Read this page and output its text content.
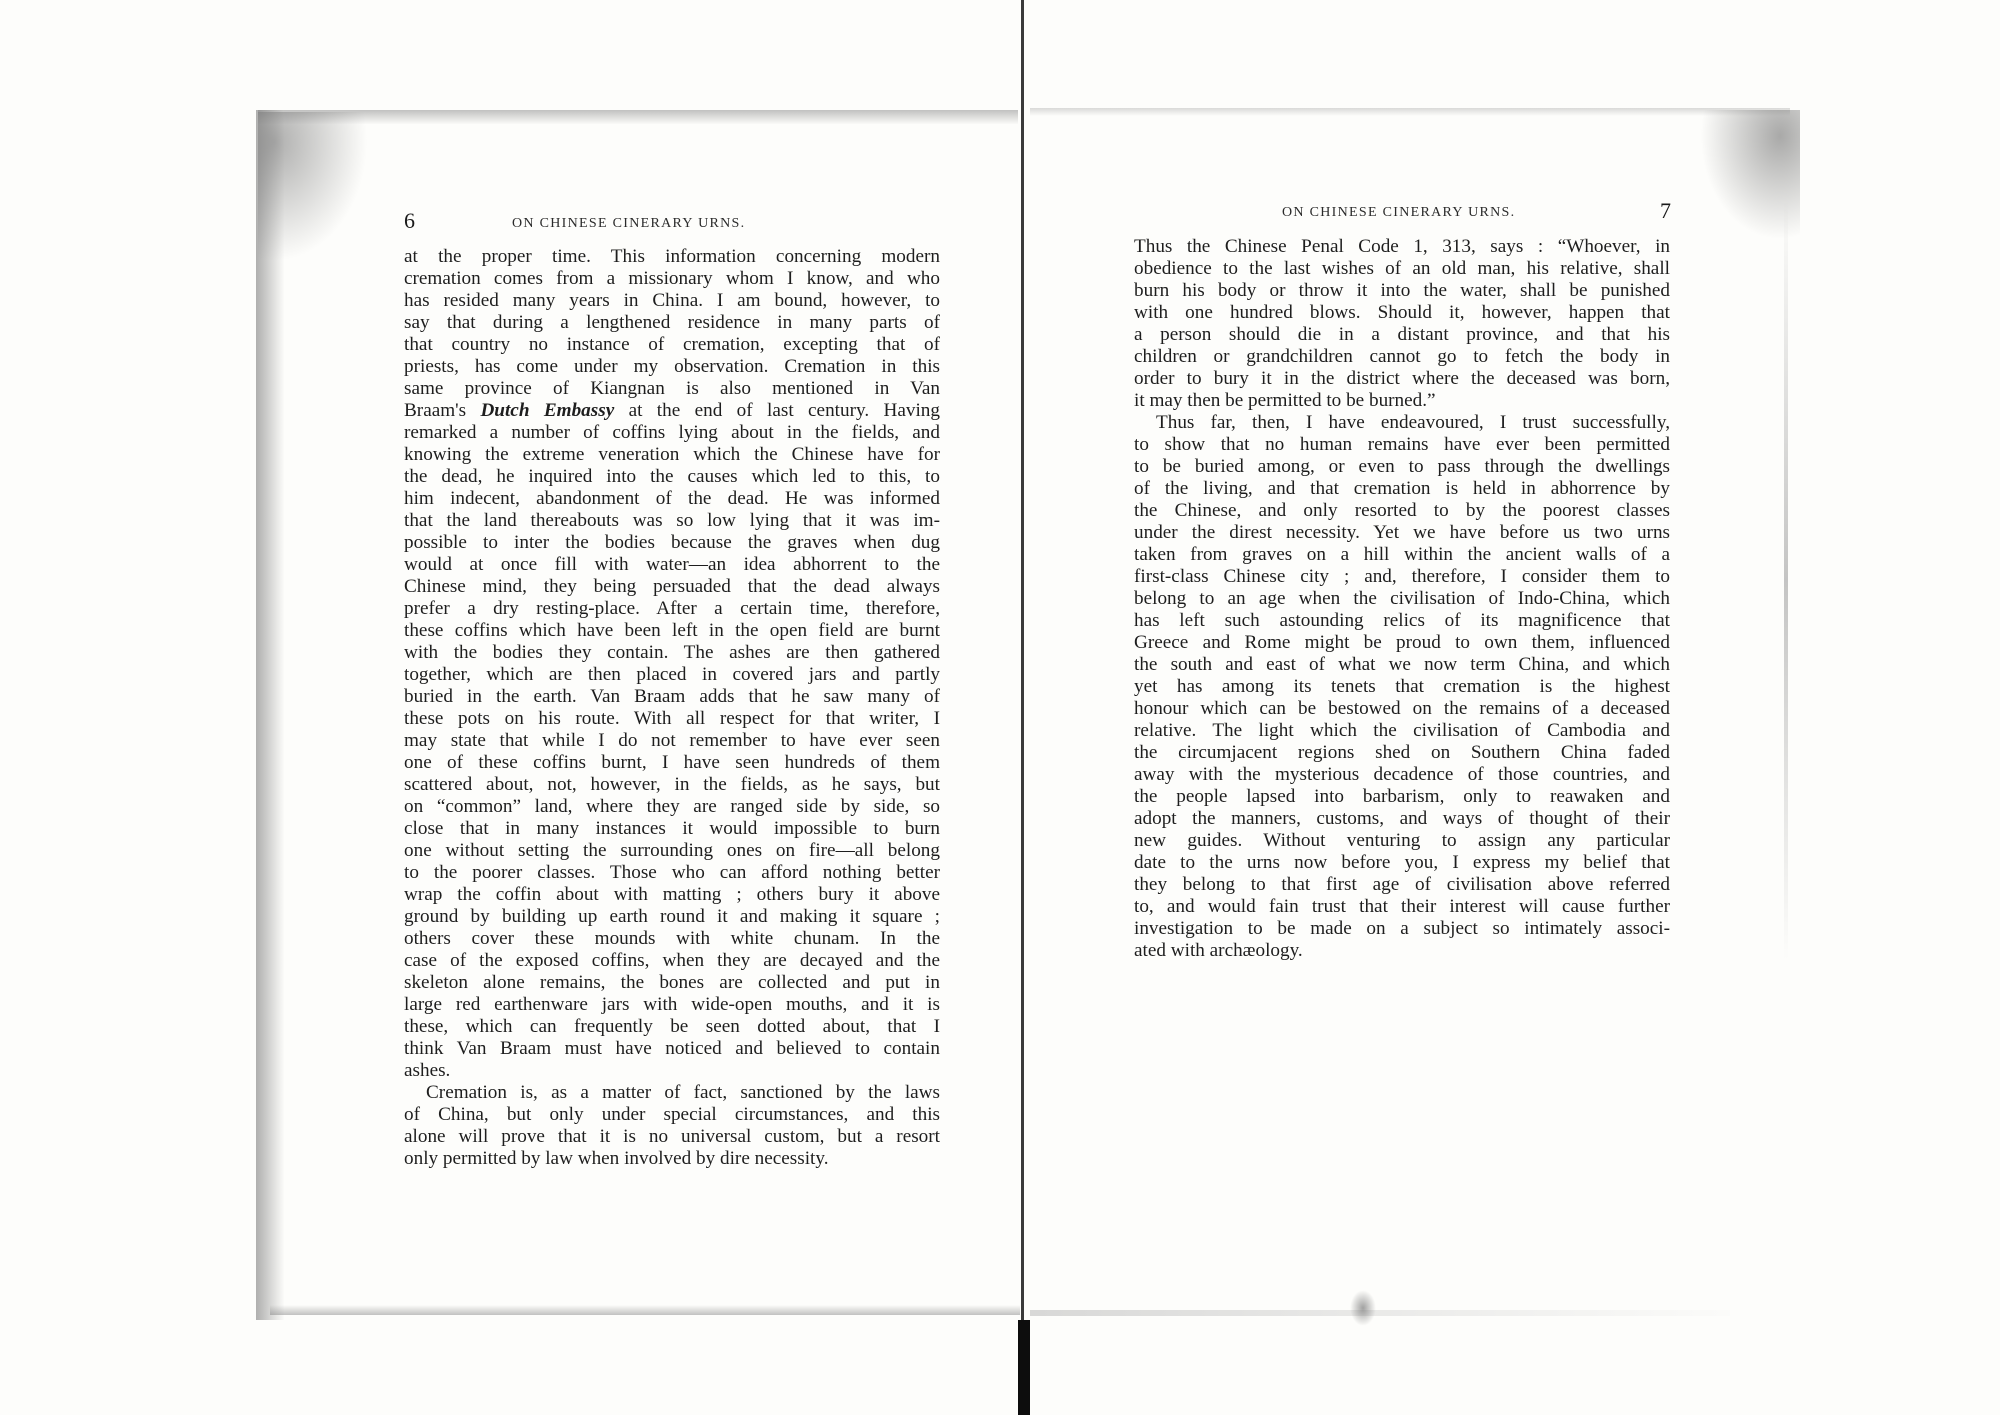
6	ON CHINESE CINERARY URNS.
at the proper time. This information concerning modern
cremation comes from a missionary whom I know, and who
has resided many years in China. I am bound, however, to
say that during a lengthened residence in many parts of
that country no instance of cremation, excepting that of
priests, has come under my observation. Cremation in this
same province of Kiangnan is also mentioned in Van
Braam's Dutch Embassy at the end of last century. Having
remarked a number of coffins lying about in the fields, and
knowing the extreme veneration which the Chinese have for
the dead, he inquired into the causes which led to this, to
him indecent, abandonment of the dead. He was informed
that the land thereabouts was so low lying that it was im-
possible to inter the bodies because the graves when dug
would at once fill with water—an idea abhorrent to the
Chinese mind, they being persuaded that the dead always
prefer a dry resting-place. After a certain time, therefore,
these coffins which have been left in the open field are burnt
with the bodies they contain. The ashes are then gathered
together, which are then placed in covered jars and partly
buried in the earth. Van Braam adds that he saw many of
these pots on his route. With all respect for that writer, I
may state that while I do not remember to have ever seen
one of these coffins burnt, I have seen hundreds of them
scattered about, not, however, in the fields, as he says, but
on “common” land, where they are ranged side by side, so
close that in many instances it would impossible to burn
one without setting the surrounding ones on fire—all belong
to the poorer classes. Those who can afford nothing better
wrap the coffin about with matting ; others bury it above
ground by building up earth round it and making it square ;
others cover these mounds with white chunam. In the
case of the exposed coffins, when they are decayed and the
skeleton alone remains, the bones are collected and put in
large red earthenware jars with wide-open mouths, and it is
these, which can frequently be seen dotted about, that I
think Van Braam must have noticed and believed to contain
ashes.
Cremation is, as a matter of fact, sanctioned by the laws
of China, but only under special circumstances, and this
alone will prove that it is no universal custom, but a resort
only permitted by law when involved by dire necessity.
ON CHINESE CINERARY URNS.	7
Thus the Chinese Penal Code 1, 313, says : “Whoever, in
obedience to the last wishes of an old man, his relative, shall
burn his body or throw it into the water, shall be punished
with one hundred blows. Should it, however, happen that
a person should die in a distant province, and that his
children or grandchildren cannot go to fetch the body in
order to bury it in the district where the deceased was born,
it may then be permitted to be burned.”
Thus far, then, I have endeavoured, I trust successfully,
to show that no human remains have ever been permitted
to be buried among, or even to pass through the dwellings
of the living, and that cremation is held in abhorrence by
the Chinese, and only resorted to by the poorest classes
under the direst necessity. Yet we have before us two urns
taken from graves on a hill within the ancient walls of a
first-class Chinese city ; and, therefore, I consider them to
belong to an age when the civilisation of Indo-China, which
has left such astounding relics of its magnificence that
Greece and Rome might be proud to own them, influenced
the south and east of what we now term China, and which
yet has among its tenets that cremation is the highest
honour which can be bestowed on the remains of a deceased
relative. The light which the civilisation of Cambodia and
the circumjacent regions shed on Southern China faded
away with the mysterious decadence of those countries, and
the people lapsed into barbarism, only to reawaken and
adopt the manners, customs, and ways of thought of their
new guides. Without venturing to assign any particular
date to the urns now before you, I express my belief that
they belong to that first age of civilisation above referred
to, and would fain trust that their interest will cause further
investigation to be made on a subject so intimately associ-
ated with archæology.
